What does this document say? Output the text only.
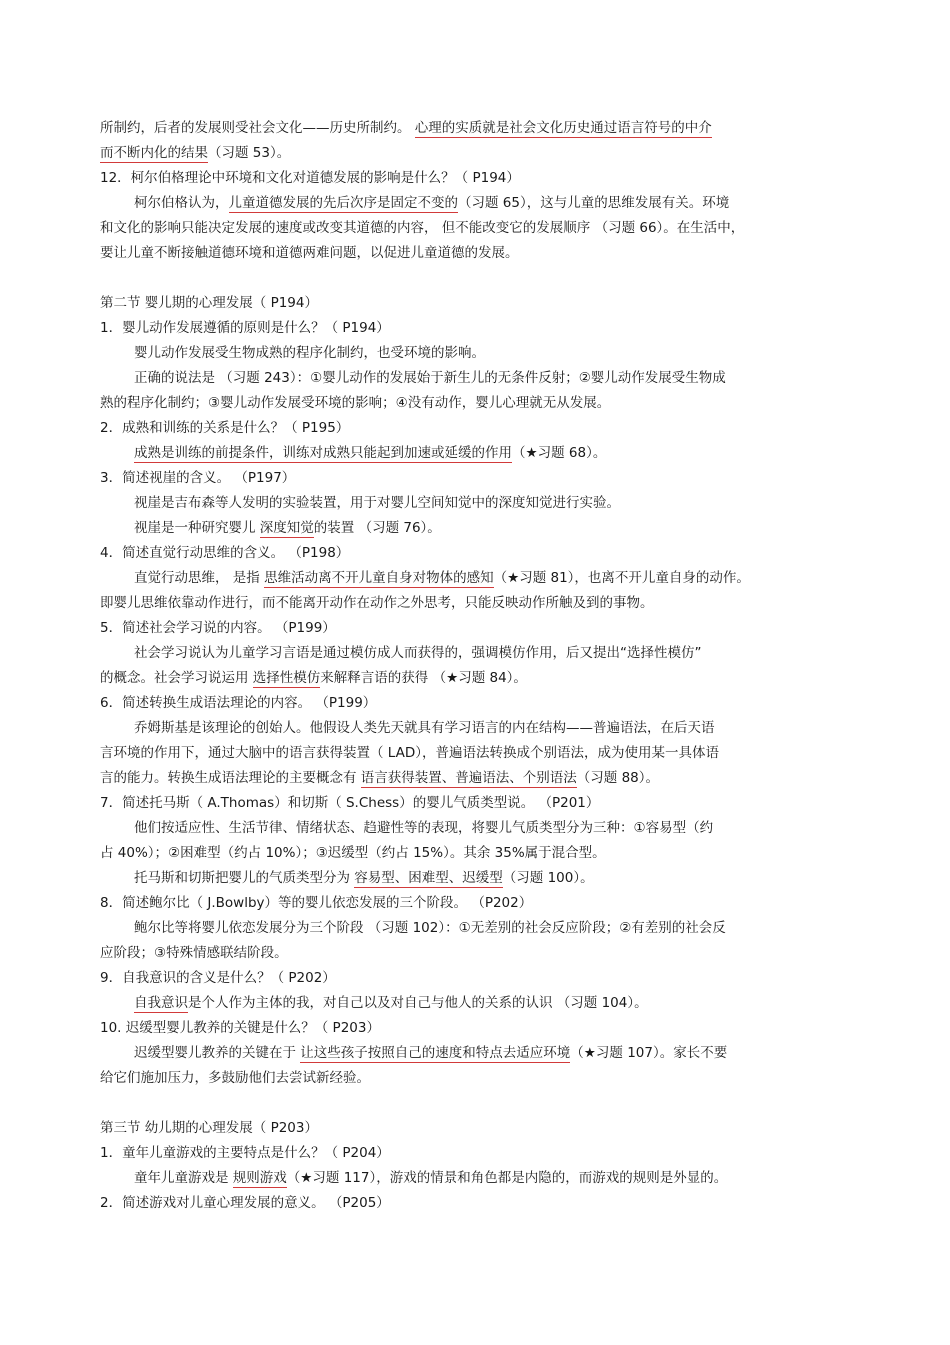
所制约，后者的发展则受社会文化——历史所制约。 心理的实质就是社会文化历史通过语言符号的中介
而不断内化的结果（习题 53）。
12．柯尔伯格理论中环境和文化对道德发展的影响是什么？（ P194）
柯尔伯格认为，儿童道德发展的先后次序是固定不变的（习题 65），这与儿童的思维发展有关。环境
和文化的影响只能决定发展的速度或改变其道德的内容， 但不能改变它的发展顺序 （习题 66）。在生活中，
要让儿童不断接触道德环境和道德两难问题，以促进儿童道德的发展。
第二节 婴儿期的心理发展（ P194）
1．婴儿动作发展遵循的原则是什么？（ P194）
婴儿动作发展受生物成熟的程序化制约，也受环境的影响。
正确的说法是 （习题 243）：①婴儿动作的发展始于新生儿的无条件反射；②婴儿动作发展受生物成
熟的程序化制约；③婴儿动作发展受环境的影响；④没有动作，婴儿心理就无从发展。
2．成熟和训练的关系是什么？（ P195）
成熟是训练的前提条件，训练对成熟只能起到加速或延缓的作用（★习题 68）。
3．简述视崖的含义。 （P197）
视崖是吉布森等人发明的实验装置，用于对婴儿空间知觉中的深度知觉进行实验。
视崖是一种研究婴儿 深度知觉的装置 （习题 76）。
4．简述直觉行动思维的含义。 （P198）
直觉行动思维， 是指 思维活动离不开儿童自身对物体的感知（★习题 81），也离不开儿童自身的动作。
即婴儿思维依靠动作进行，而不能离开动作在动作之外思考，只能反映动作所触及到的事物。
5．简述社会学习说的内容。 （P199）
社会学习说认为儿童学习言语是通过模仿成人而获得的，强调模仿作用，后又提出“选择性模仿”
的概念。社会学习说运用 选择性模仿来解释言语的获得 （★习题 84）。
6．简述转换生成语法理论的内容。 （P199）
乔姆斯基是该理论的创始人。他假设人类先天就具有学习语言的内在结构——普遍语法，在后天语
言环境的作用下，通过大脑中的语言获得装置（ LAD），普遍语法转换成个别语法，成为使用某一具体语
言的能力。转换生成语法理论的主要概念有 语言获得装置、普遍语法、个别语法（习题 88）。
7．简述托马斯（ A.Thomas）和切斯（ S.Chess）的婴儿气质类型说。 （P201）
他们按适应性、生活节律、情绪状态、趋避性等的表现，将婴儿气质类型分为三种：①容易型（约
占 40%）；②困难型（约占 10%）；③迟缓型（约占 15%）。其余 35%属于混合型。
托马斯和切斯把婴儿的气质类型分为 容易型、困难型、迟缓型（习题 100）。
8．简述鲍尔比（ J.Bowlby）等的婴儿依恋发展的三个阶段。 （P202）
鲍尔比等将婴儿依恋发展分为三个阶段 （习题 102）：①无差别的社会反应阶段；②有差别的社会反
应阶段；③特殊情感联结阶段。
9．自我意识的含义是什么？（ P202）
自我意识是个人作为主体的我，对自己以及对自己与他人的关系的认识 （习题 104）。
10. 迟缓型婴儿教养的关键是什么？（ P203）
迟缓型婴儿教养的关键在于 让这些孩子按照自己的速度和特点去适应环境（★习题 107）。家长不要
给它们施加压力，多鼓励他们去尝试新经验。
第三节 幼儿期的心理发展（ P203）
1．童年儿童游戏的主要特点是什么？（ P204）
童年儿童游戏是 规则游戏（★习题 117），游戏的情景和角色都是内隐的，而游戏的规则是外显的。
2．简述游戏对儿童心理发展的意义。 （P205）
